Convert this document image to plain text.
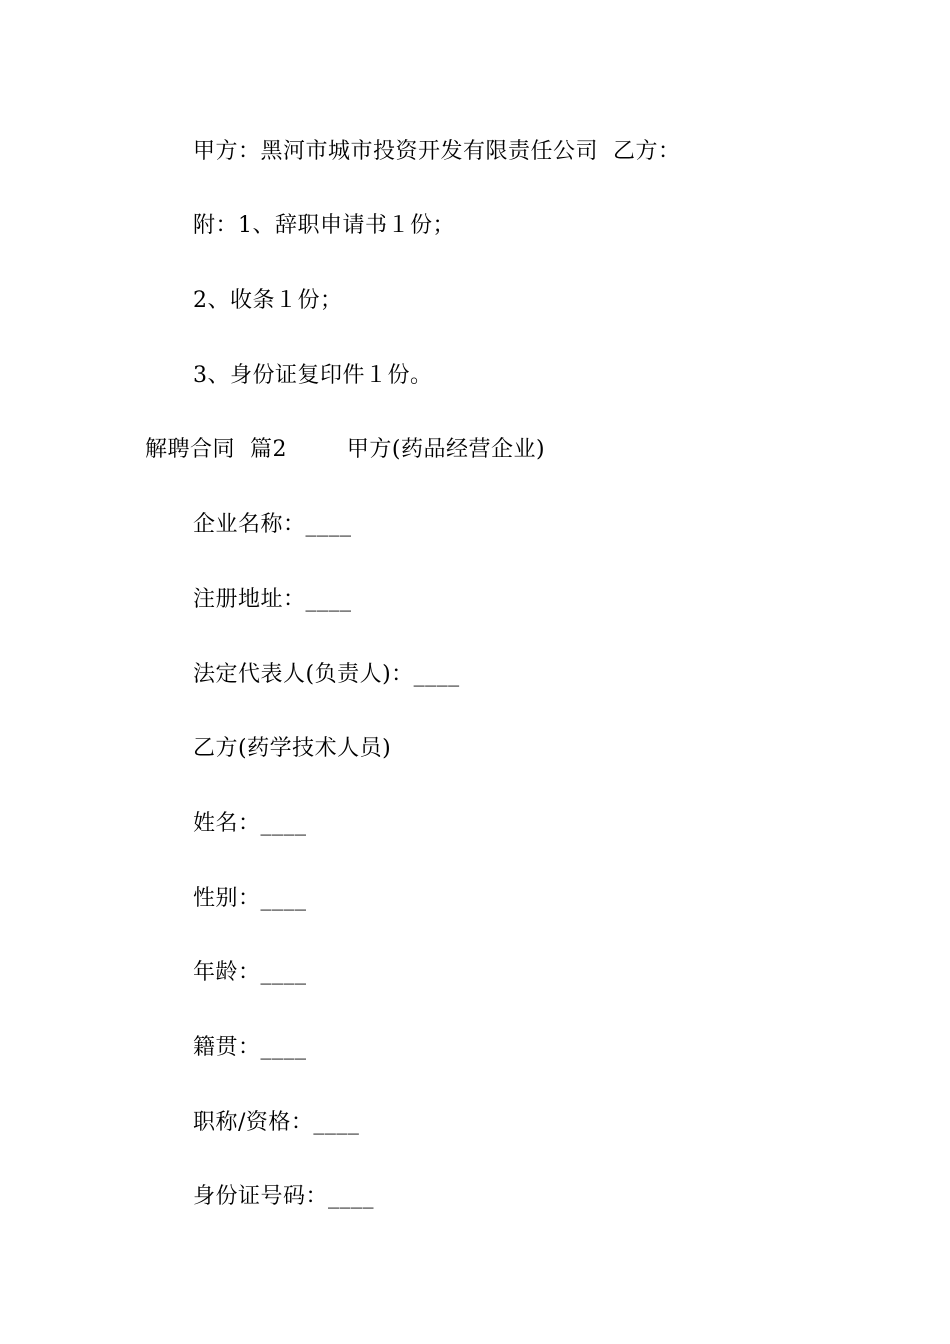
甲方：黑河市城市投资开发有限责任公司  乙方：
附：1、辞职申请书１份；
2、收条１份；
3、身份证复印件１份。
解聘合同  篇2        甲方(药品经营企业)
企业名称：____
注册地址：____
法定代表人(负责人)：____
乙方(药学技术人员)
姓名：____
性别：____
年龄：____
籍贯：____
职称/资格：____
身份证号码：____
